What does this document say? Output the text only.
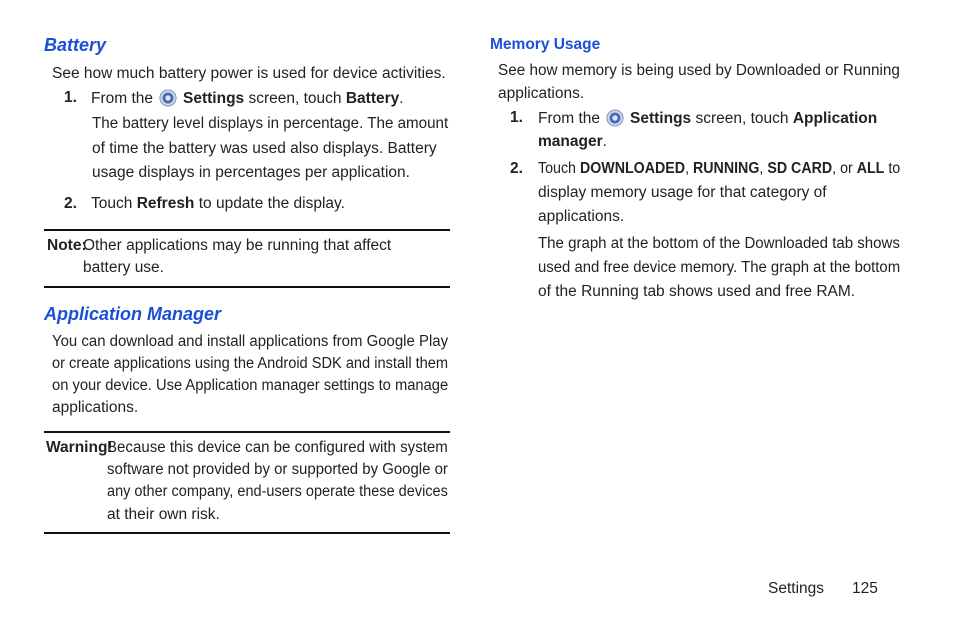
Battery
See how much battery power is used for device activities.
1. From the Settings screen, touch Battery.
The battery level displays in percentage. The amount
of time the battery was used also displays. Battery
usage displays in percentages per application.
2. Touch Refresh to update the display.
Note:
Other applications may be running that affect
battery use.
Application Manager
You can download and install applications from Google Play
or create applications using the Android SDK and install them
on your device. Use Application manager settings to manage
applications.
Warning!
Because this device can be configured with system
software not provided by or supported by Google or
any other company, end-users operate these devices
at their own risk.
Memory Usage
See how memory is being used by Downloaded or Running
applications.
1. From the Settings screen, touch Application
manager.
2. Touch DOWNLOADED, RUNNING, SD CARD, or ALL to
display memory usage for that category of
applications.
The graph at the bottom of the Downloaded tab shows
used and free device memory. The graph at the bottom
of the Running tab shows used and free RAM.
Settings 125
